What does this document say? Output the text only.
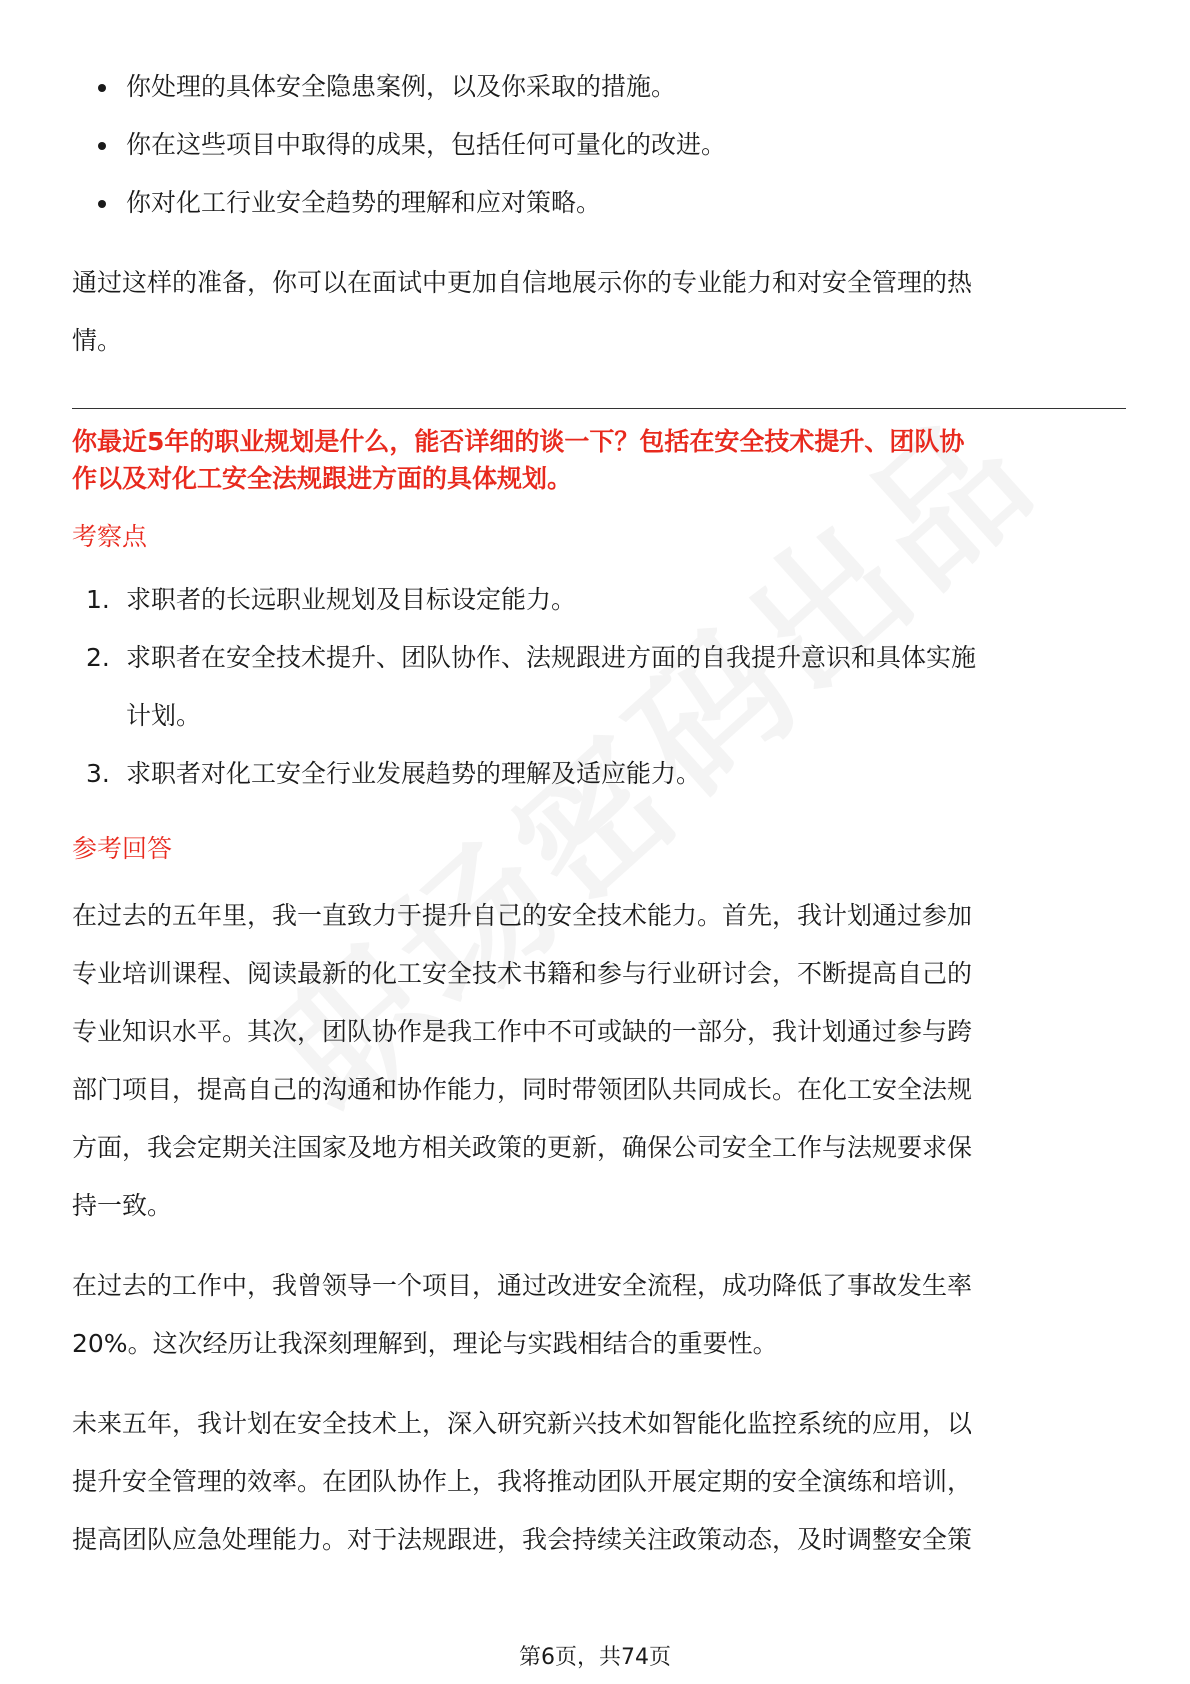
你处理的具体安全隐患案例，以及你采取的措施。
你在这些项目中取得的成果，包括任何可量化的改进。
你对化工行业安全趋势的理解和应对策略。

通过这样的准备，你可以在面试中更加自信地展示你的专业能力和对安全管理的热
情。

你最近5年的职业规划是什么，能否详细的谈一下？包括在安全技术提升、团队协
作以及对化工安全法规跟进方面的具体规划。

考察点

1. 求职者的长远职业规划及目标设定能力。
2. 求职者在安全技术提升、团队协作、法规跟进方面的自我提升意识和具体实施
计划。
3. 求职者对化工安全行业发展趋势的理解及适应能力。

参考回答

在过去的五年里，我一直致力于提升自己的安全技术能力。首先，我计划通过参加
专业培训课程、阅读最新的化工安全技术书籍和参与行业研讨会，不断提高自己的
专业知识水平。其次，团队协作是我工作中不可或缺的一部分，我计划通过参与跨
部门项目，提高自己的沟通和协作能力，同时带领团队共同成长。在化工安全法规
方面，我会定期关注国家及地方相关政策的更新，确保公司安全工作与法规要求保
持一致。

在过去的工作中，我曾领导一个项目，通过改进安全流程，成功降低了事故发生率
20%。这次经历让我深刻理解到，理论与实践相结合的重要性。

未来五年，我计划在安全技术上，深入研究新兴技术如智能化监控系统的应用，以
提升安全管理的效率。在团队协作上，我将推动团队开展定期的安全演练和培训，
提高团队应急处理能力。对于法规跟进，我会持续关注政策动态，及时调整安全策

第6页，共74页
